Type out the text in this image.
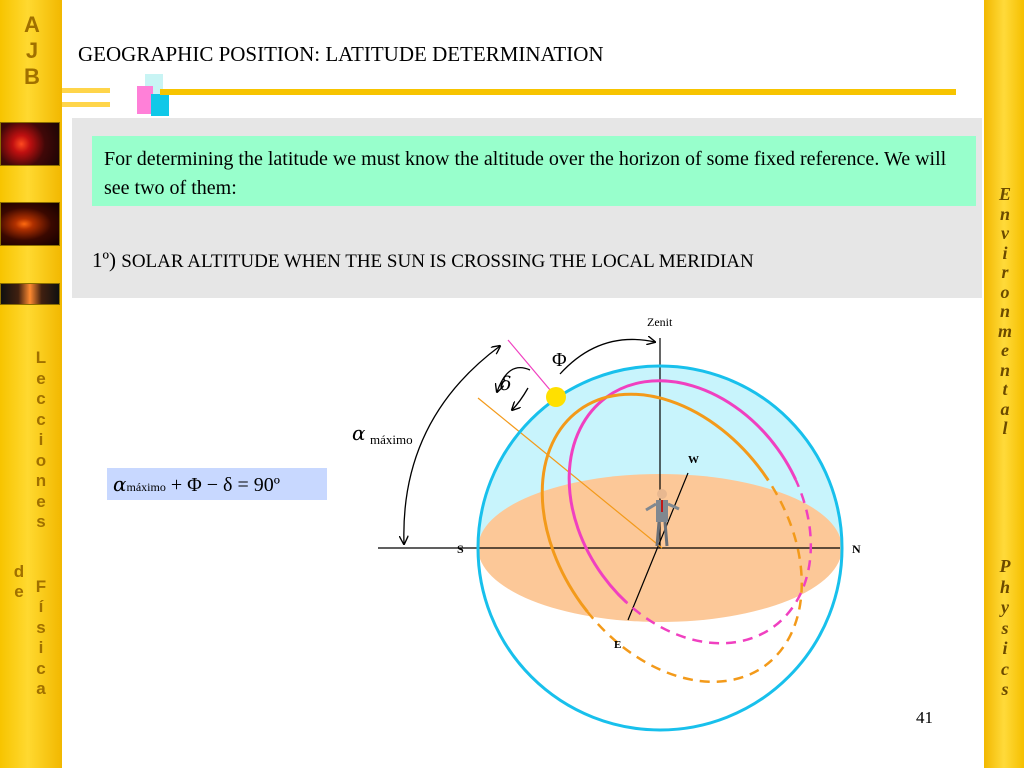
A
J
B
L
e
c
c
i
o
n
e
s
F
í
s
i
c
a
d
e
E
n
v
i
r
o
n
m
e
n
t
a
l
P
h
y
s
i
c
s
GEOGRAPHIC POSITION: LATITUDE DETERMINATION
For determining the latitude we must know the altitude over the horizon of some fixed reference. We will see two of them:
1º) SOLAR ALTITUDE WHEN THE SUN IS CROSSING THE LOCAL MERIDIAN
αmáximo + Φ − δ = 90º
Zenit
S	N
W
E
Φ
δ
α máximo
41
